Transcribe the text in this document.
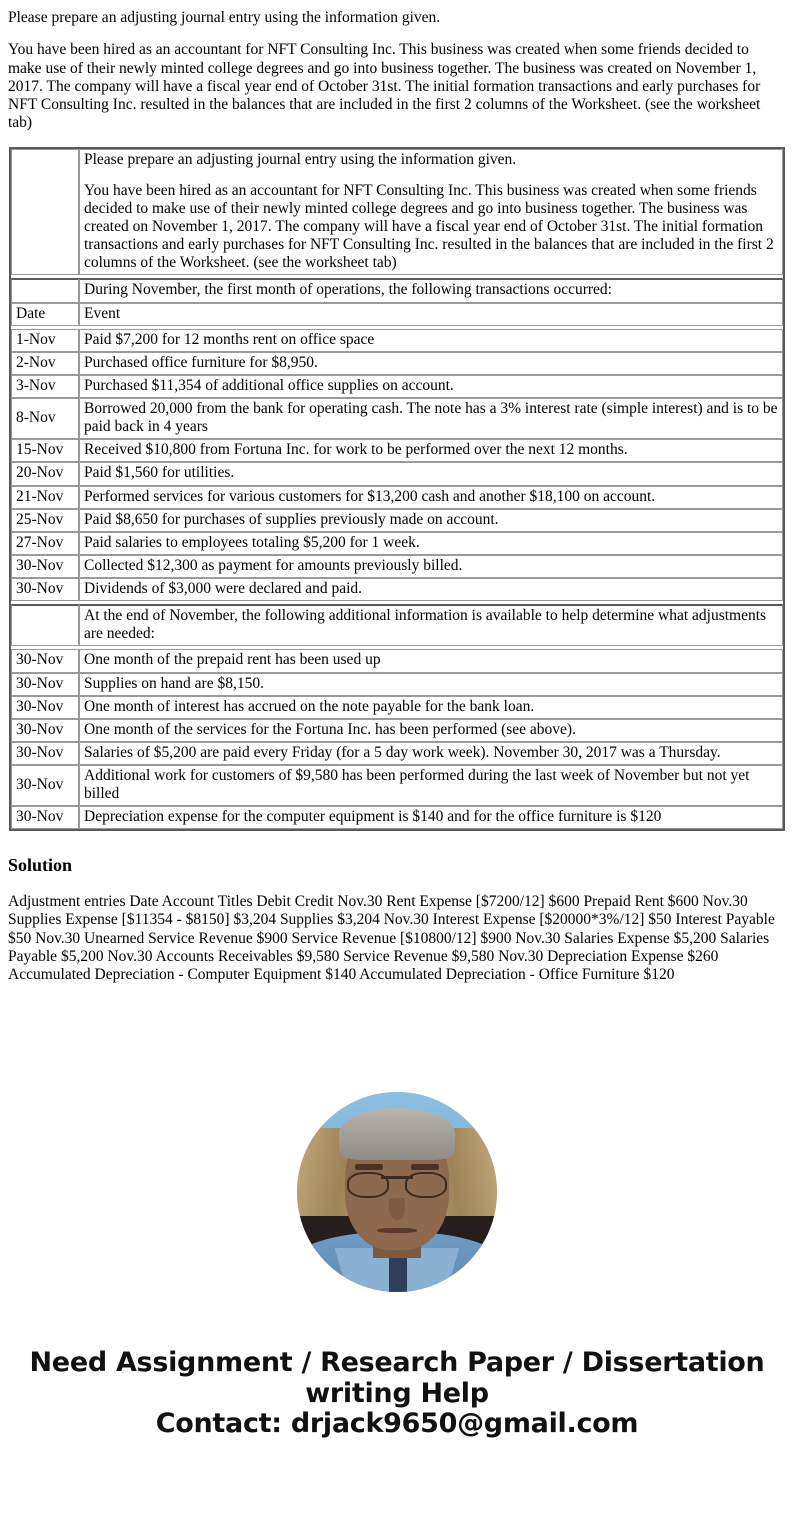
Please prepare an adjusting journal entry using the information given.

You have been hired as an accountant for NFT Consulting Inc. This business was created when some friends decided to make use of their newly minted college degrees and go into business together. The business was created on November 1, 2017. The company will have a fiscal year end of October 31st. The initial formation transactions and early purchases for NFT Consulting Inc. resulted in the balances that are included in the first 2 columns of the Worksheet. (see the worksheet tab)

	Please prepare an adjusting journal entry using the information given.

You have been hired as an accountant for NFT Consulting Inc. This business was created when some friends decided to make use of their newly minted college degrees and go into business together. The business was created on November 1, 2017. The company will have a fiscal year end of October 31st. The initial formation transactions and early purchases for NFT Consulting Inc. resulted in the balances that are included in the first 2 columns of the Worksheet. (see the worksheet tab)

	During November, the first month of operations, the following transactions occurred:
Date	Event

1-Nov	Paid $7,200 for 12 months rent on office space
2-Nov	Purchased office furniture for $8,950.
3-Nov	Purchased $11,354 of additional office supplies on account.
8-Nov	Borrowed 20,000 from the bank for operating cash. The note has a 3% interest rate (simple interest) and is to be paid back in 4 years
15-Nov	Received $10,800 from Fortuna Inc. for work to be performed over the next 12 months.
20-Nov	Paid $1,560 for utilities.
21-Nov	Performed services for various customers for $13,200 cash and another $18,100 on account.
25-Nov	Paid $8,650 for purchases of supplies previously made on account.
27-Nov	Paid salaries to employees totaling $5,200 for 1 week.
30-Nov	Collected $12,300 as payment for amounts previously billed.
30-Nov	Dividends of $3,000 were declared and paid.

	At the end of November, the following additional information is available to help determine what adjustments are needed:

30-Nov	One month of the prepaid rent has been used up
30-Nov	Supplies on hand are $8,150.
30-Nov	One month of interest has accrued on the note payable for the bank loan.
30-Nov	One month of the services for the Fortuna Inc. has been performed (see above).
30-Nov	Salaries of $5,200 are paid every Friday (for a 5 day work week). November 30, 2017 was a Thursday.
30-Nov	Additional work for customers of $9,580 has been performed during the last week of November but not yet billed
30-Nov	Depreciation expense for the computer equipment is $140 and for the office furniture is $120
Solution

Adjustment entries Date Account Titles Debit Credit Nov.30 Rent Expense [$7200/12] $600 Prepaid Rent $600 Nov.30 Supplies Expense [$11354 - $8150] $3,204 Supplies $3,204 Nov.30 Interest Expense [$20000*3%/12] $50 Interest Payable $50 Nov.30 Unearned Service Revenue $900 Service Revenue [$10800/12] $900 Nov.30 Salaries Expense $5,200 Salaries Payable $5,200 Nov.30 Accounts Receivables $9,580 Service Revenue $9,580 Nov.30 Depreciation Expense $260 Accumulated Depreciation - Computer Equipment $140 Accumulated Depreciation - Office Furniture $120

Need Assignment / Research Paper / Dissertation writing Help
Contact: drjack9650@gmail.com
